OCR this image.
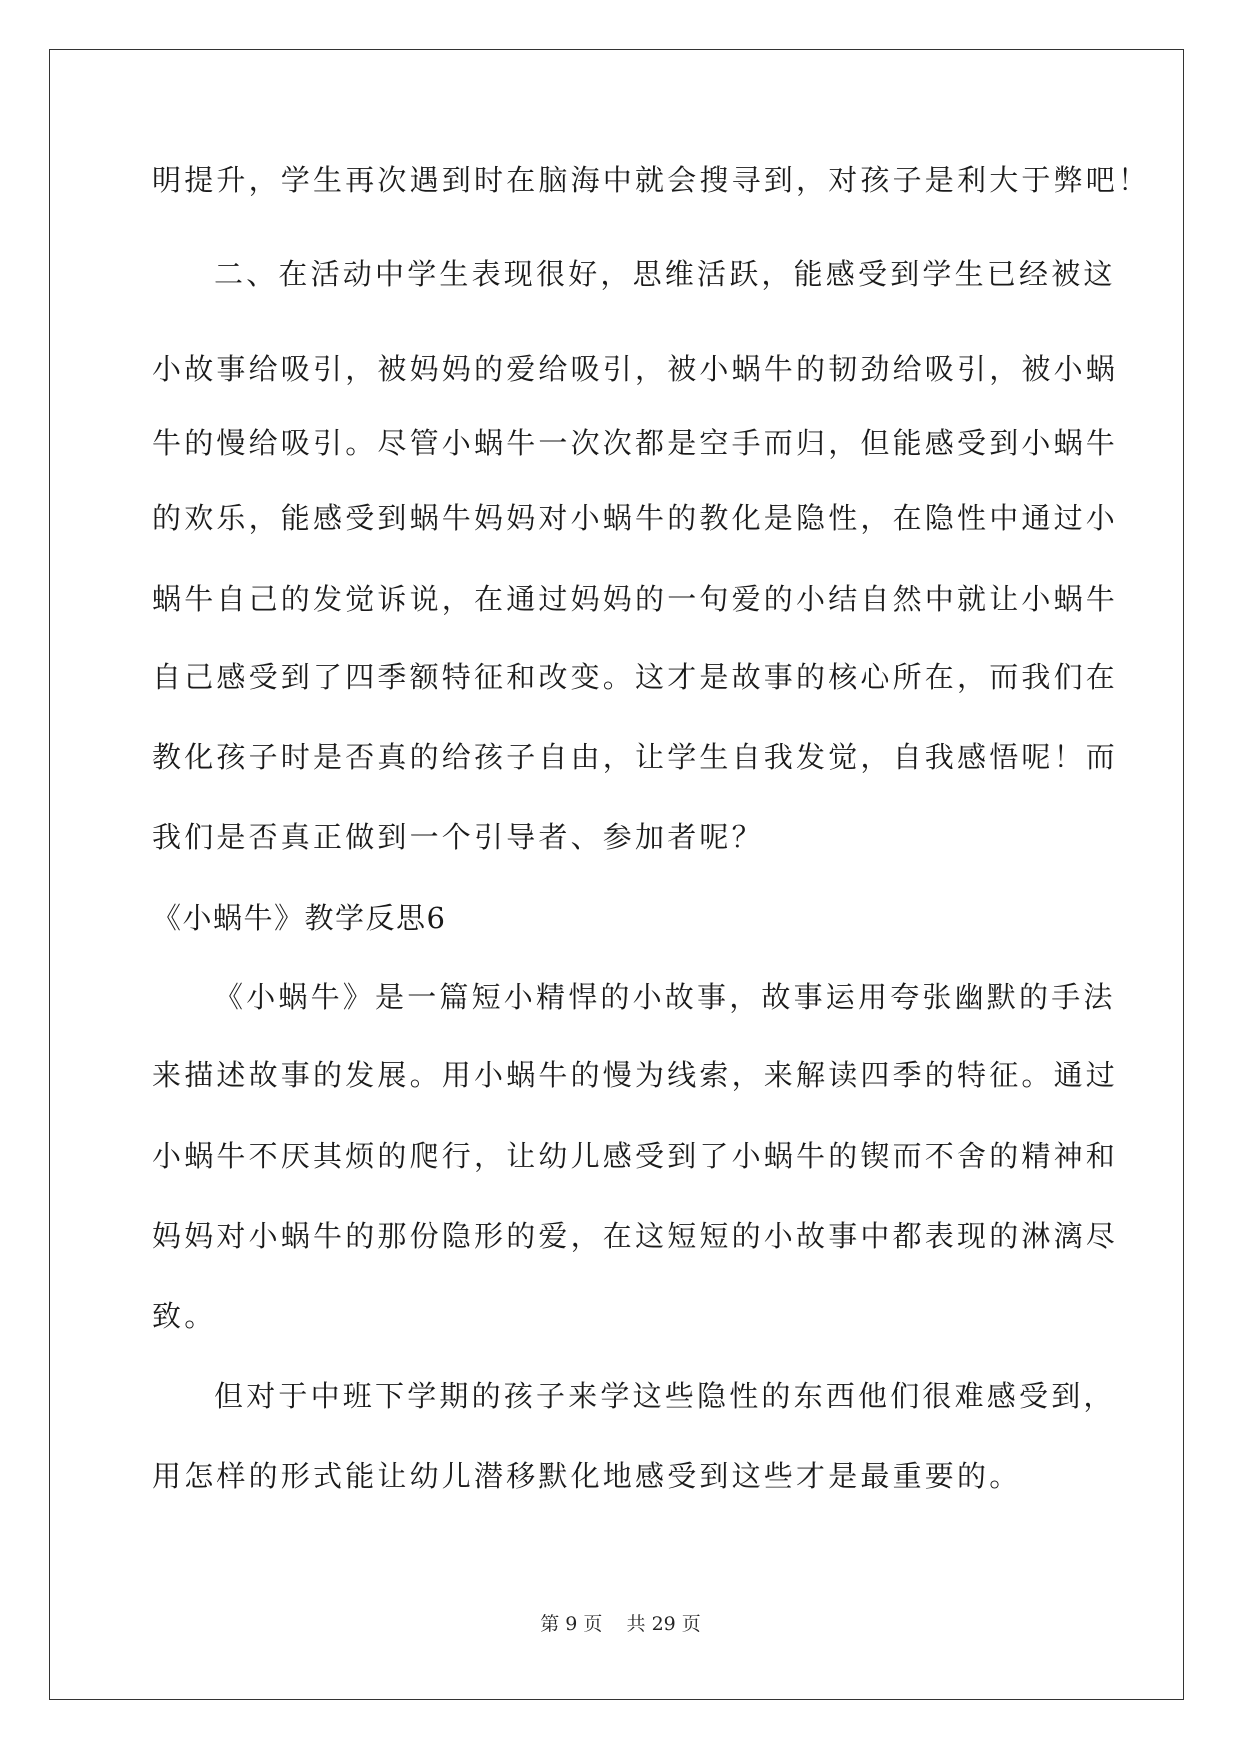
明提升，学生再次遇到时在脑海中就会搜寻到，对孩子是利大于弊吧！
二、在活动中学生表现很好，思维活跃，能感受到学生已经被这
小故事给吸引，被妈妈的爱给吸引，被小蜗牛的韧劲给吸引，被小蜗
牛的慢给吸引。尽管小蜗牛一次次都是空手而归，但能感受到小蜗牛
的欢乐，能感受到蜗牛妈妈对小蜗牛的教化是隐性，在隐性中通过小
蜗牛自己的发觉诉说，在通过妈妈的一句爱的小结自然中就让小蜗牛
自己感受到了四季额特征和改变。这才是故事的核心所在，而我们在
教化孩子时是否真的给孩子自由，让学生自我发觉，自我感悟呢！而
我们是否真正做到一个引导者、参加者呢？
《小蜗牛》教学反思6
《小蜗牛》是一篇短小精悍的小故事，故事运用夸张幽默的手法
来描述故事的发展。用小蜗牛的慢为线索，来解读四季的特征。通过
小蜗牛不厌其烦的爬行，让幼儿感受到了小蜗牛的锲而不舍的精神和
妈妈对小蜗牛的那份隐形的爱，在这短短的小故事中都表现的淋漓尽
致。
但对于中班下学期的孩子来学这些隐性的东西他们很难感受到，
用怎样的形式能让幼儿潜移默化地感受到这些才是最重要的。
第 9 页    共 29 页
